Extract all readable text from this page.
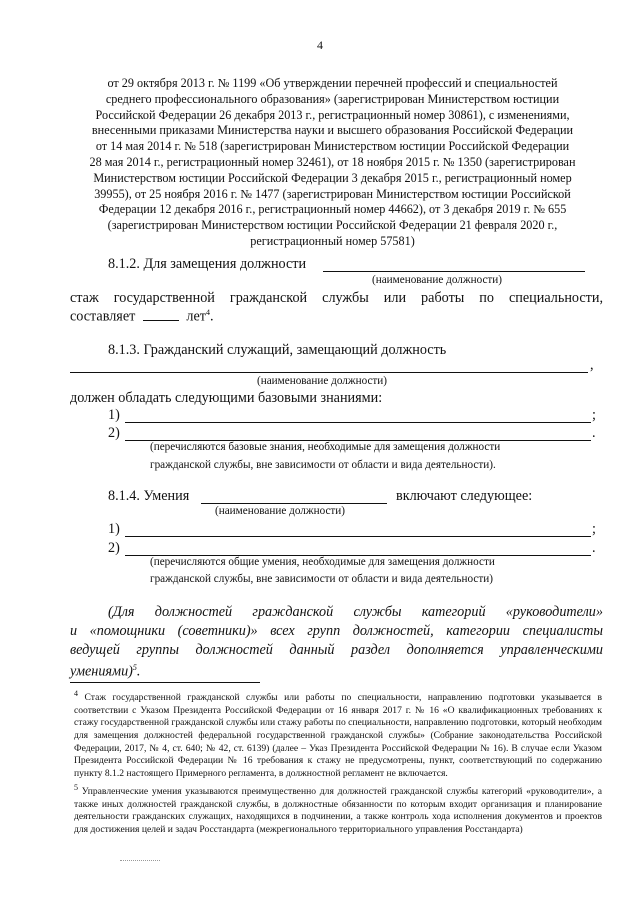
4
от 29 октября 2013 г. № 1199 «Об утверждении перечней профессий и специальностей
среднего профессионального образования» (зарегистрирован Министерством юстиции
Российской Федерации 26 декабря 2013 г., регистрационный номер 30861), с изменениями,
внесенными приказами Министерства науки и высшего образования Российской Федерации
от 14 мая 2014 г. № 518 (зарегистрирован Министерством юстиции Российской Федерации
28 мая 2014 г., регистрационный номер 32461), от 18 ноября 2015 г. № 1350 (зарегистрирован
Министерством юстиции Российской Федерации 3 декабря 2015 г., регистрационный номер
39955), от 25 ноября 2016 г. № 1477 (зарегистрирован Министерством юстиции Российской
Федерации 12 декабря 2016 г., регистрационный номер 44662), от 3 декабря 2019 г. № 655
(зарегистрирован Министерством юстиции Российской Федерации 21 февраля 2020 г.,
регистрационный номер 57581)
8.1.2. Для замещения должности
(наименование должности)
стаж государственной гражданской службы или работы по специальности,
составляет	лет$^4$.
8.1.3. Гражданский служащий, замещающий должность
,
(наименование должности)
должен обладать следующими базовыми знаниями:
1)	;
2)	.
(перечисляются базовые знания, необходимые для замещения должности
гражданской службы, вне зависимости от области и вида деятельности).
8.1.4. Умения	включают следующее:
(наименование должности)
1)	;
2)	.
(перечисляются общие умения, необходимые для замещения должности
гражданской службы, вне зависимости от области и вида деятельности)
(Для должностей гражданской службы категорий «руководители»
и «помощники (советники)» всех групп должностей, категории специалисты
ведущей группы должностей данный раздел дополняется управленческими
умениями)$^5$.
$^4$ Стаж государственной гражданской службы или работы по специальности, направлению подготовки указывается в соответствии с Указом Президента Российской Федерации от 16 января 2017 г. № 16 «О квалификационных требованиях к стажу государственной гражданской службы или стажу работы по специальности, направлению подготовки, который необходим для замещения должностей федеральной государственной гражданской службы» (Собрание законодательства Российской Федерации, 2017, № 4, ст. 640; № 42, ст. 6139) (далее – Указ Президента Российской Федерации № 16). В случае если Указом Президента Российской Федерации № 16 требования к стажу не предусмотрены, пункт, соответствующий по содержанию пункту 8.1.2 настоящего Примерного регламента, в должностной регламент не включается.
$^5$ Управленческие умения указываются преимущественно для должностей гражданской службы категорий «руководители», а также иных должностей гражданской службы, в должностные обязанности по которым входит организация и планирование деятельности гражданских служащих, находящихся в подчинении, а также контроль хода исполнения документов и проектов для достижения целей и задач Росстандарта (межрегионального территориального управления Росстандарта)
